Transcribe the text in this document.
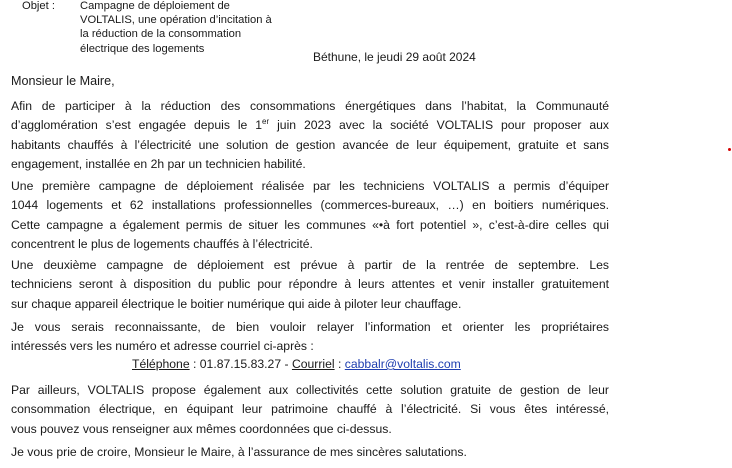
Objet : Campagne de déploiement de
VOLTALIS, une opération d’incitation à
la réduction de la consommation
électrique des logements
Béthune, le jeudi 29 août 2024
Monsieur le Maire,

Afin de participer à la réduction des consommations énergétiques dans l’habitat, la Communauté
d’agglomération s’est engagée depuis le 1er juin 2023 avec la société VOLTALIS pour proposer aux
habitants chauffés à l’électricité une solution de gestion avancée de leur équipement, gratuite et sans
engagement, installée en 2h par un technicien habilité.

Une première campagne de déploiement réalisée par les techniciens VOLTALIS a permis d’équiper
1044 logements et 62 installations professionnelles (commerces-bureaux, …) en boitiers numériques.
Cette campagne a également permis de situer les communes «•à fort potentiel », c’est-à-dire celles qui
concentrent le plus de logements chauffés à l’électricité.

Une deuxième campagne de déploiement est prévue à partir de la rentrée de septembre. Les
techniciens seront à disposition du public pour répondre à leurs attentes et venir installer gratuitement
sur chaque appareil électrique le boitier numérique qui aide à piloter leur chauffage.

Je vous serais reconnaissante, de bien vouloir relayer l’information et orienter les propriétaires
intéressés vers les numéro et adresse courriel ci-après :

Téléphone : 01.87.15.83.27 - Courriel : cabbalr@voltalis.com

Par ailleurs, VOLTALIS propose également aux collectivités cette solution gratuite de gestion de leur
consommation électrique, en équipant leur patrimoine chauffé à l’électricité. Si vous êtes intéressé,
vous pouvez vous renseigner aux mêmes coordonnées que ci-dessus.

Je vous prie de croire, Monsieur le Maire, à l’assurance de mes sincères salutations.
